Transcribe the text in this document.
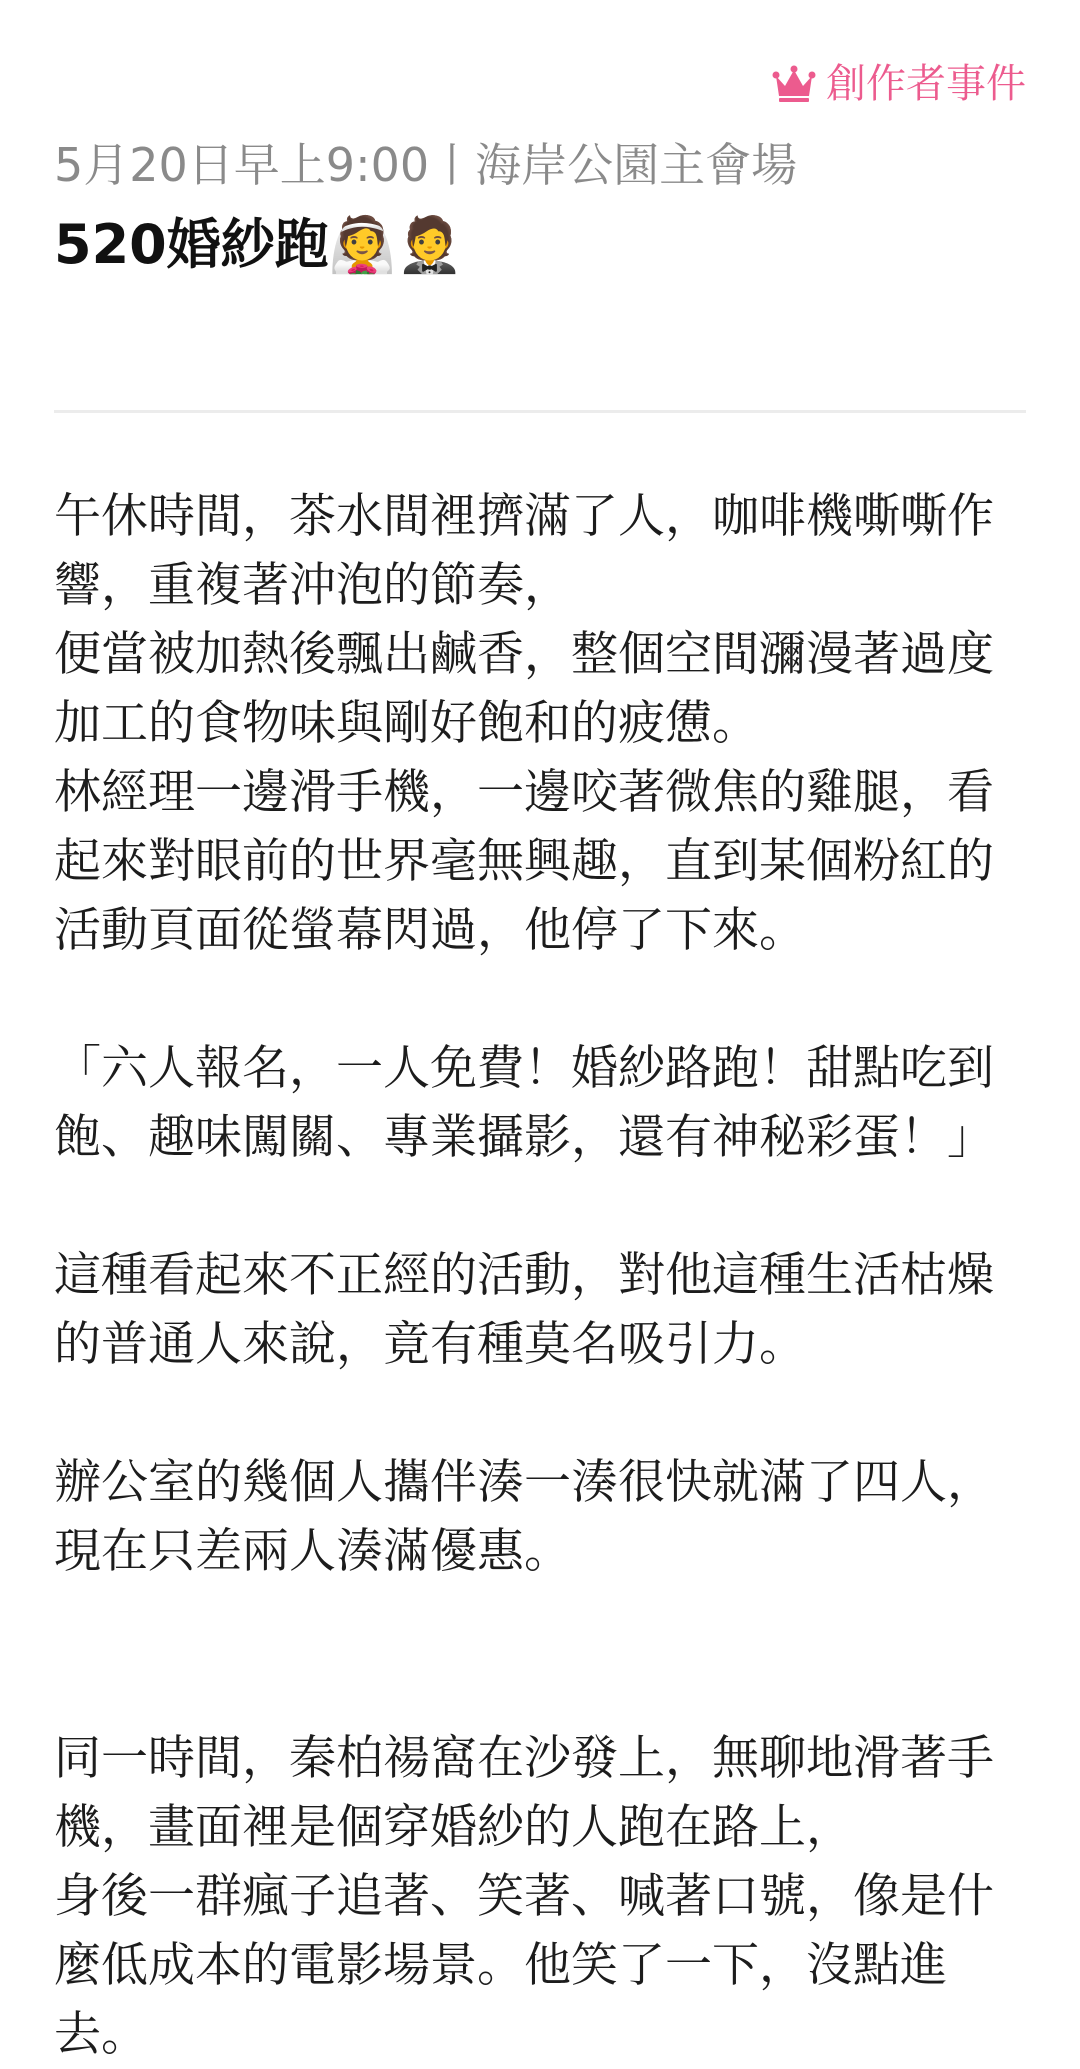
創作者事件
5月20日早上9:00丨海岸公園主會場
520婚紗跑👰🤵

午休時間，茶水間裡擠滿了人，咖啡機嘶嘶作響，重複著沖泡的節奏，

便當被加熱後飄出鹹香，整個空間瀰漫著過度加工的食物味與剛好飽和的疲憊。

林經理一邊滑手機，一邊咬著微焦的雞腿，看起來對眼前的世界毫無興趣，直到某個粉紅的活動頁面從螢幕閃過，他停了下來。

「六人報名，一人免費！婚紗路跑！甜點吃到飽、趣味闖關、專業攝影，還有神秘彩蛋！」

這種看起來不正經的活動，對他這種生活枯燥的普通人來說，竟有種莫名吸引力。

辦公室的幾個人攜伴湊一湊很快就滿了四人，現在只差兩人湊滿優惠。

同一時間，秦柏禓窩在沙發上，無聊地滑著手機，畫面裡是個穿婚紗的人跑在路上，

身後一群瘋子追著、笑著、喊著口號，像是什麼低成本的電影場景。他笑了一下，沒點進去。
